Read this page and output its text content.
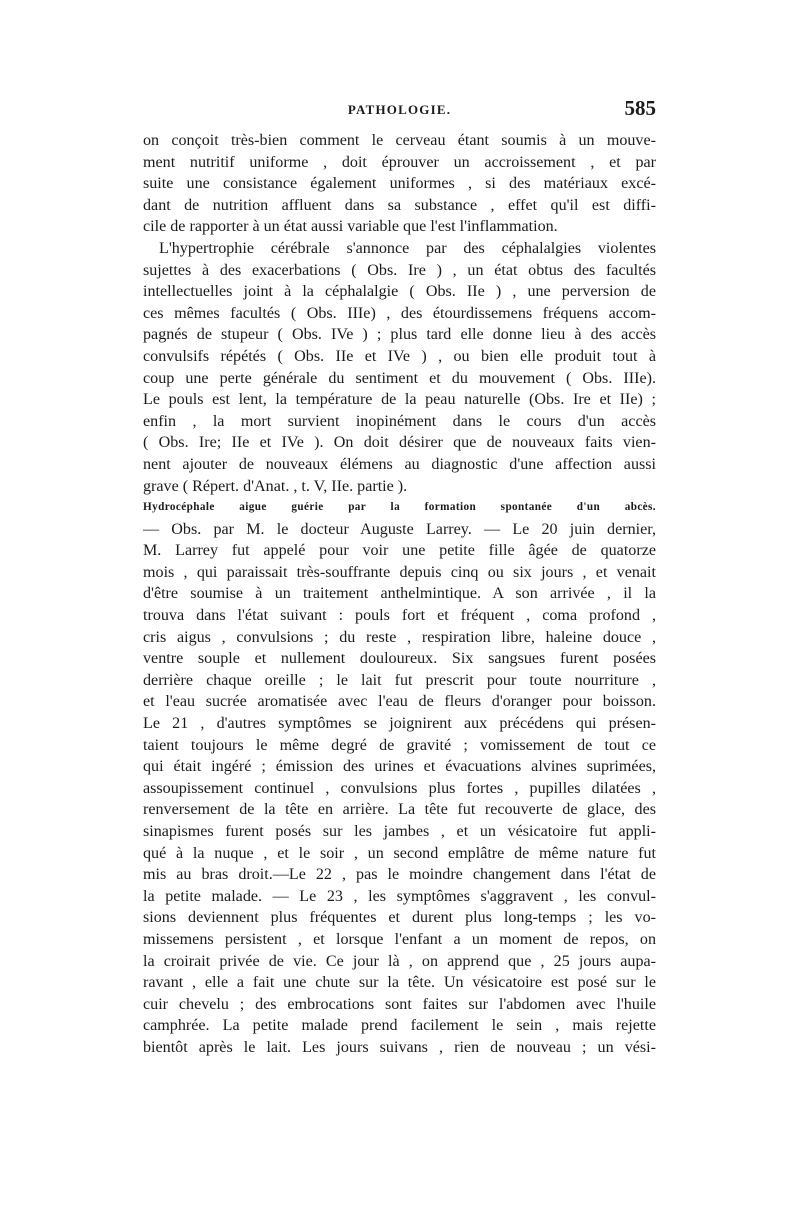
PATHOLOGIE.	585
on conçoit très-bien comment le cerveau étant soumis à un mouve-
ment nutritif uniforme , doit éprouver un accroissement , et par
suite une consistance également uniformes , si des matériaux excé-
dant de nutrition affluent dans sa substance , effet qu'il est diffi-
cile de rapporter à un état aussi variable que l'est l'inflammation.
L'hypertrophie cérébrale s'annonce par des céphalalgies violentes
sujettes à des exacerbations ( Obs. Ire ) , un état obtus des facultés
intellectuelles joint à la céphalalgie ( Obs. IIe ) , une perversion de
ces mêmes facultés ( Obs. IIIe) , des étourdissemens fréquens accom-
pagnés de stupeur ( Obs. IVe ) ; plus tard elle donne lieu à des accès
convulsifs répétés ( Obs. IIe et IVe ) , ou bien elle produit tout à
coup une perte générale du sentiment et du mouvement ( Obs. IIIe).
Le pouls est lent, la température de la peau naturelle (Obs. Ire et IIe) ;
enfin , la mort survient inopinément dans le cours d'un accès
( Obs. Ire; IIe et IVe ). On doit désirer que de nouveaux faits vien-
nent ajouter de nouveaux élémens au diagnostic d'une affection aussi
grave ( Répert. d'Anat. , t. V, IIe. partie ).
Hydrocéphale aigue guérie par la formation spontanée d'un abcès.
— Obs. par M. le docteur Auguste Larrey. — Le 20 juin dernier,
M. Larrey fut appelé pour voir une petite fille âgée de quatorze
mois , qui paraissait très-souffrante depuis cinq ou six jours , et venait
d'être soumise à un traitement anthelmintique. A son arrivée , il la
trouva dans l'état suivant : pouls fort et fréquent , coma profond ,
cris aigus , convulsions ; du reste , respiration libre, haleine douce ,
ventre souple et nullement douloureux. Six sangsues furent posées
derrière chaque oreille ; le lait fut prescrit pour toute nourriture ,
et l'eau sucrée aromatisée avec l'eau de fleurs d'oranger pour boisson.
Le 21 , d'autres symptômes se joignirent aux précédens qui présen-
taient toujours le même degré de gravité ; vomissement de tout ce
qui était ingéré ; émission des urines et évacuations alvines suprimées,
assoupissement continuel , convulsions plus fortes , pupilles dilatées ,
renversement de la tête en arrière. La tête fut recouverte de glace, des
sinapismes furent posés sur les jambes , et un vésicatoire fut appli-
qué à la nuque , et le soir , un second emplâtre de même nature fut
mis au bras droit.—Le 22 , pas le moindre changement dans l'état de
la petite malade. — Le 23 , les symptômes s'aggravent , les convul-
sions deviennent plus fréquentes et durent plus long-temps ; les vo-
missemens persistent , et lorsque l'enfant a un moment de repos, on
la croirait privée de vie. Ce jour là , on apprend que , 25 jours aupa-
ravant , elle a fait une chute sur la tête. Un vésicatoire est posé sur le
cuir chevelu ; des embrocations sont faites sur l'abdomen avec l'huile
camphrée. La petite malade prend facilement le sein , mais rejette
bientôt après le lait. Les jours suivans , rien de nouveau ; un vési-
